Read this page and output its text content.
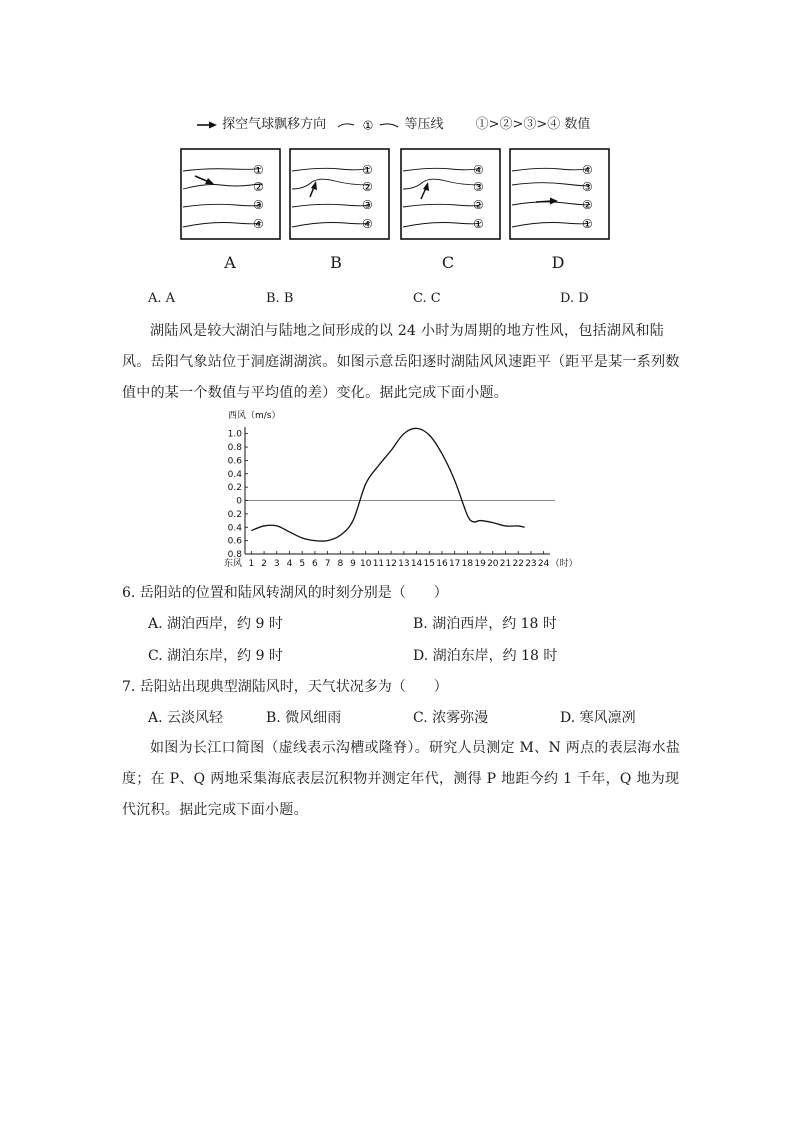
探空气球飘移方向	① 等压线 ①>②>③>④ 数值
①
②
③
④
①
②
③
④
④
③
②
①
④
③
②
①
A	B	C	D
A. A	B. B	C. C	D. D

湖陆风是较大湖泊与陆地之间形成的以 24 小时为周期的地方性风，包括湖风和陆风。岳阳气象站位于洞庭湖湖滨。如图示意岳阳逐时湖陆风风速距平（距平是某一系列数值中的某一个数值与平均值的差）变化。据此完成下面小题。

1.0
0.8
0.6
0.4
0.2
0
0.2
0.4
0.6
0.8
1 2 3 4 5 6 7 8 9 10 11 12 13 14 15 16 17 18 19 20 21 22 23 24
西风（m/s）
东风	（时）
6. 岳阳站的位置和陆风转湖风的时刻分别是（　　）
A. 湖泊西岸，约 9 时	B. 湖泊西岸，约 18 时
C. 湖泊东岸，约 9 时	D. 湖泊东岸，约 18 时
7. 岳阳站出现典型湖陆风时，天气状况多为（　　）
A. 云淡风轻	B. 微风细雨	C. 浓雾弥漫	D. 寒风凛冽

如图为长江口简图（虚线表示沟槽或隆脊）。研究人员测定 M、N 两点的表层海水盐度；在 P、Q 两地采集海底表层沉积物并测定年代，测得 P 地距今约 1 千年，Q 地为现代沉积。据此完成下面小题。
